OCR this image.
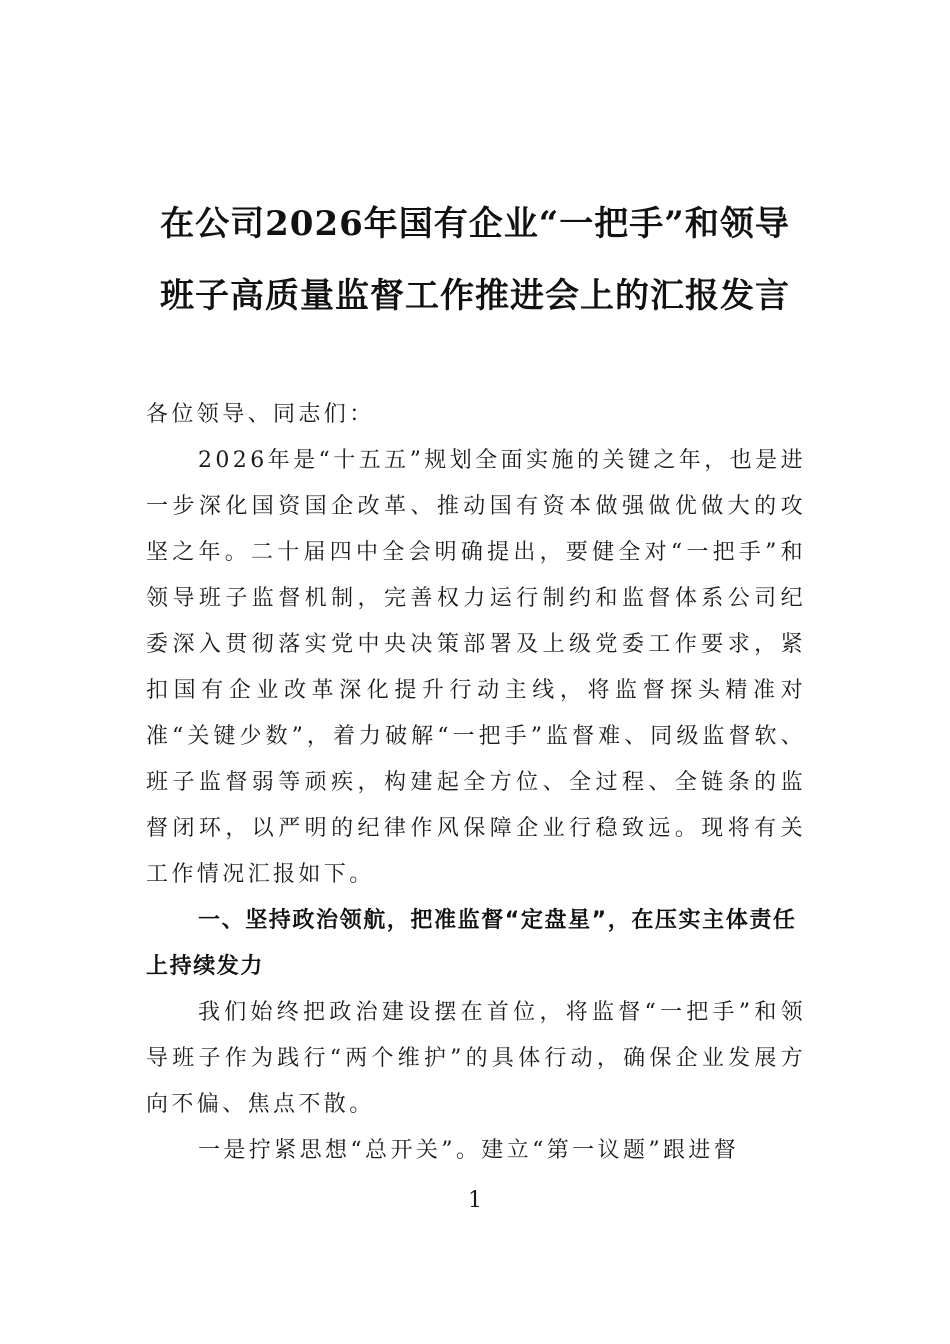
在公司2026年国有企业“一把手”和领导
班子高质量监督工作推进会上的汇报发言

各位领导、同志们：

2026年是“十五五”规划全面实施的关键之年，也是进一步深化国资国企改革、推动国有资本做强做优做大的攻坚之年。二十届四中全会明确提出，要健全对“一把手”和领导班子监督机制，完善权力运行制约和监督体系公司纪委深入贯彻落实党中央决策部署及上级党委工作要求，紧扣国有企业改革深化提升行动主线，将监督探头精准对准“关键少数”，着力破解“一把手”监督难、同级监督软、班子监督弱等顽疾，构建起全方位、全过程、全链条的监督闭环，以严明的纪律作风保障企业行稳致远。现将有关工作情况汇报如下。

一、坚持政治领航，把准监督“定盘星”，在压实主体责任上持续发力

我们始终把政治建设摆在首位，将监督“一把手”和领导班子作为践行“两个维护”的具体行动，确保企业发展方向不偏、焦点不散。

一是拧紧思想“总开关”。建立“第一议题”跟进督

1
